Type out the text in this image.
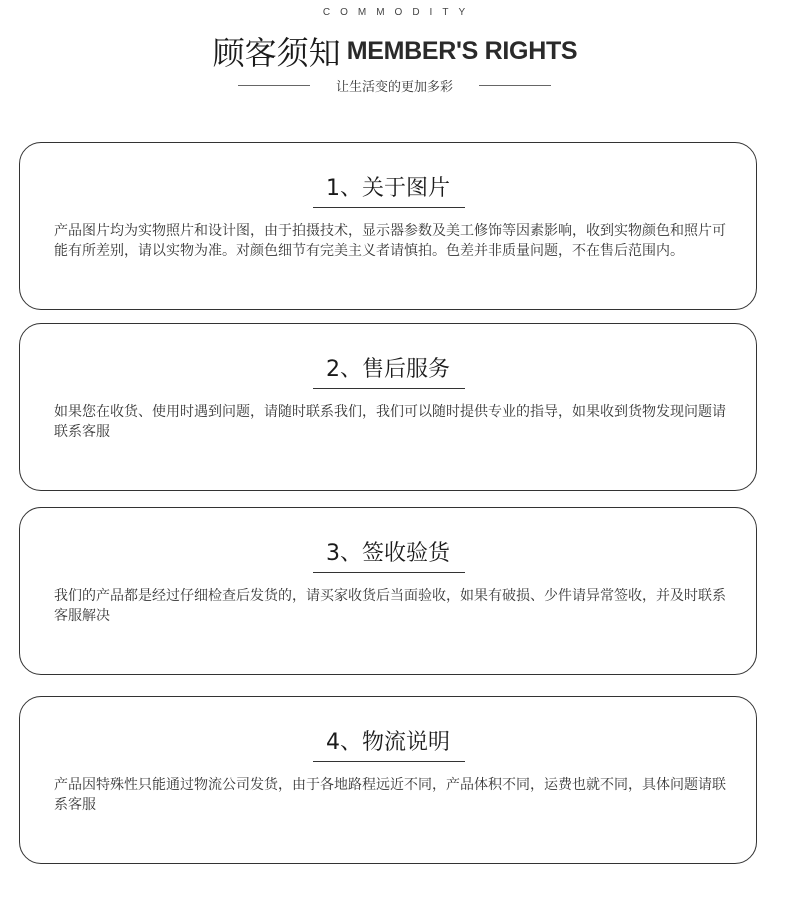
COMMODITY
顾客须知 MEMBER'S RIGHTS
让生活变的更加多彩
1、关于图片
产品图片均为实物照片和设计图，由于拍摄技术，显示器参数及美工修饰等因素影响，收到实物颜色和照片可能有所差别，请以实物为准。对颜色细节有完美主义者请慎拍。色差并非质量问题，不在售后范围内。
2、售后服务
如果您在收货、使用时遇到问题，请随时联系我们，我们可以随时提供专业的指导，如果收到货物发现问题请联系客服
3、签收验货
我们的产品都是经过仔细检查后发货的，请买家收货后当面验收，如果有破损、少件请异常签收，并及时联系客服解决
4、物流说明
产品因特殊性只能通过物流公司发货，由于各地路程远近不同，产品体积不同，运费也就不同，具体问题请联系客服
